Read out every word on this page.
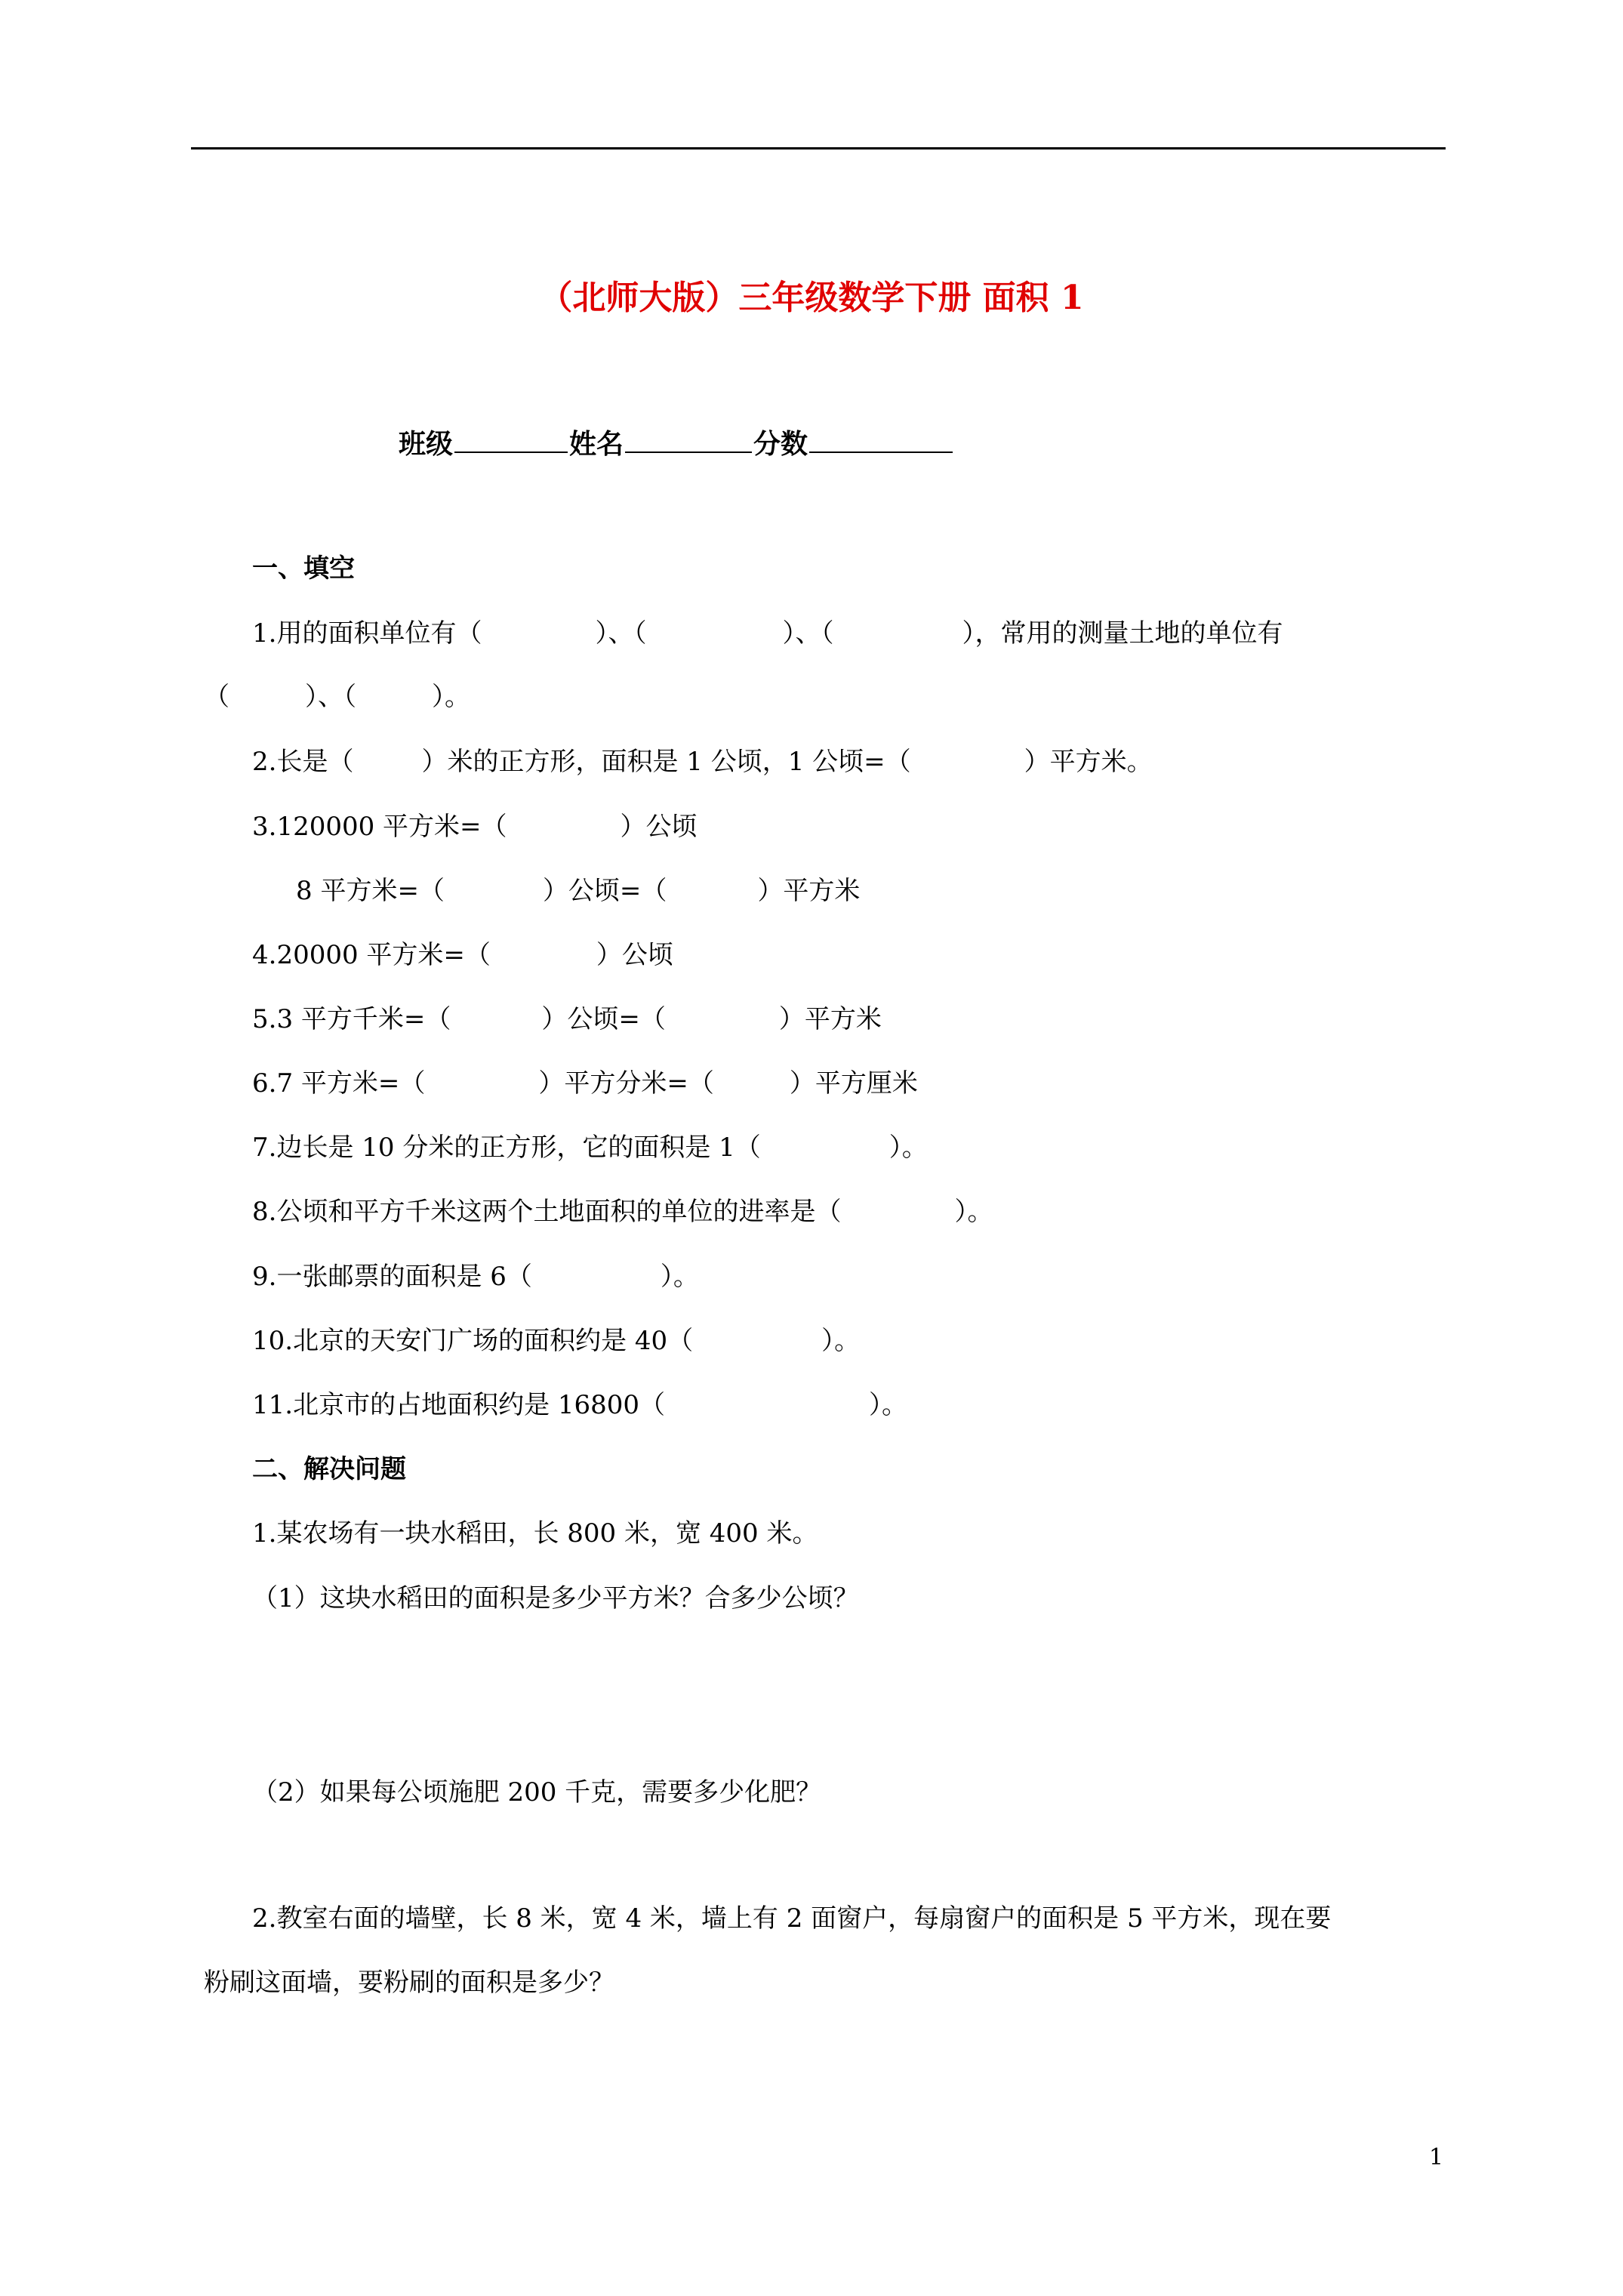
（北师大版）三年级数学下册 面积 1
班级	姓名	分数
一、填空
1.用的面积单位有（	）、（	）、（	），常用的测量土地的单位有
（	）、（	）。
2.长是（	）米的正方形，面积是 1 公顷，1 公顷=（	）平方米。
3.120000 平方米=（	）公顷
8 平方米=（	）公顷=（	）平方米
4.20000 平方米=（	）公顷
5.3 平方千米=（	）公顷=（	）平方米
6.7 平方米=（	）平方分米=（	）平方厘米
7.边长是 10 分米的正方形，它的面积是 1（	）。
8.公顷和平方千米这两个土地面积的单位的进率是（	）。
9.一张邮票的面积是 6（	）。
10.北京的天安门广场的面积约是 40（	）。
11.北京市的占地面积约是 16800（	）。
二、解决问题
1.某农场有一块水稻田，长 800 米，宽 400 米。
（1）这块水稻田的面积是多少平方米？合多少公顷？
（2）如果每公顷施肥 200 千克，需要多少化肥？
2.教室右面的墙壁，长 8 米，宽 4 米，墙上有 2 面窗户，每扇窗户的面积是 5 平方米，现在要
粉刷这面墙，要粉刷的面积是多少？
1
